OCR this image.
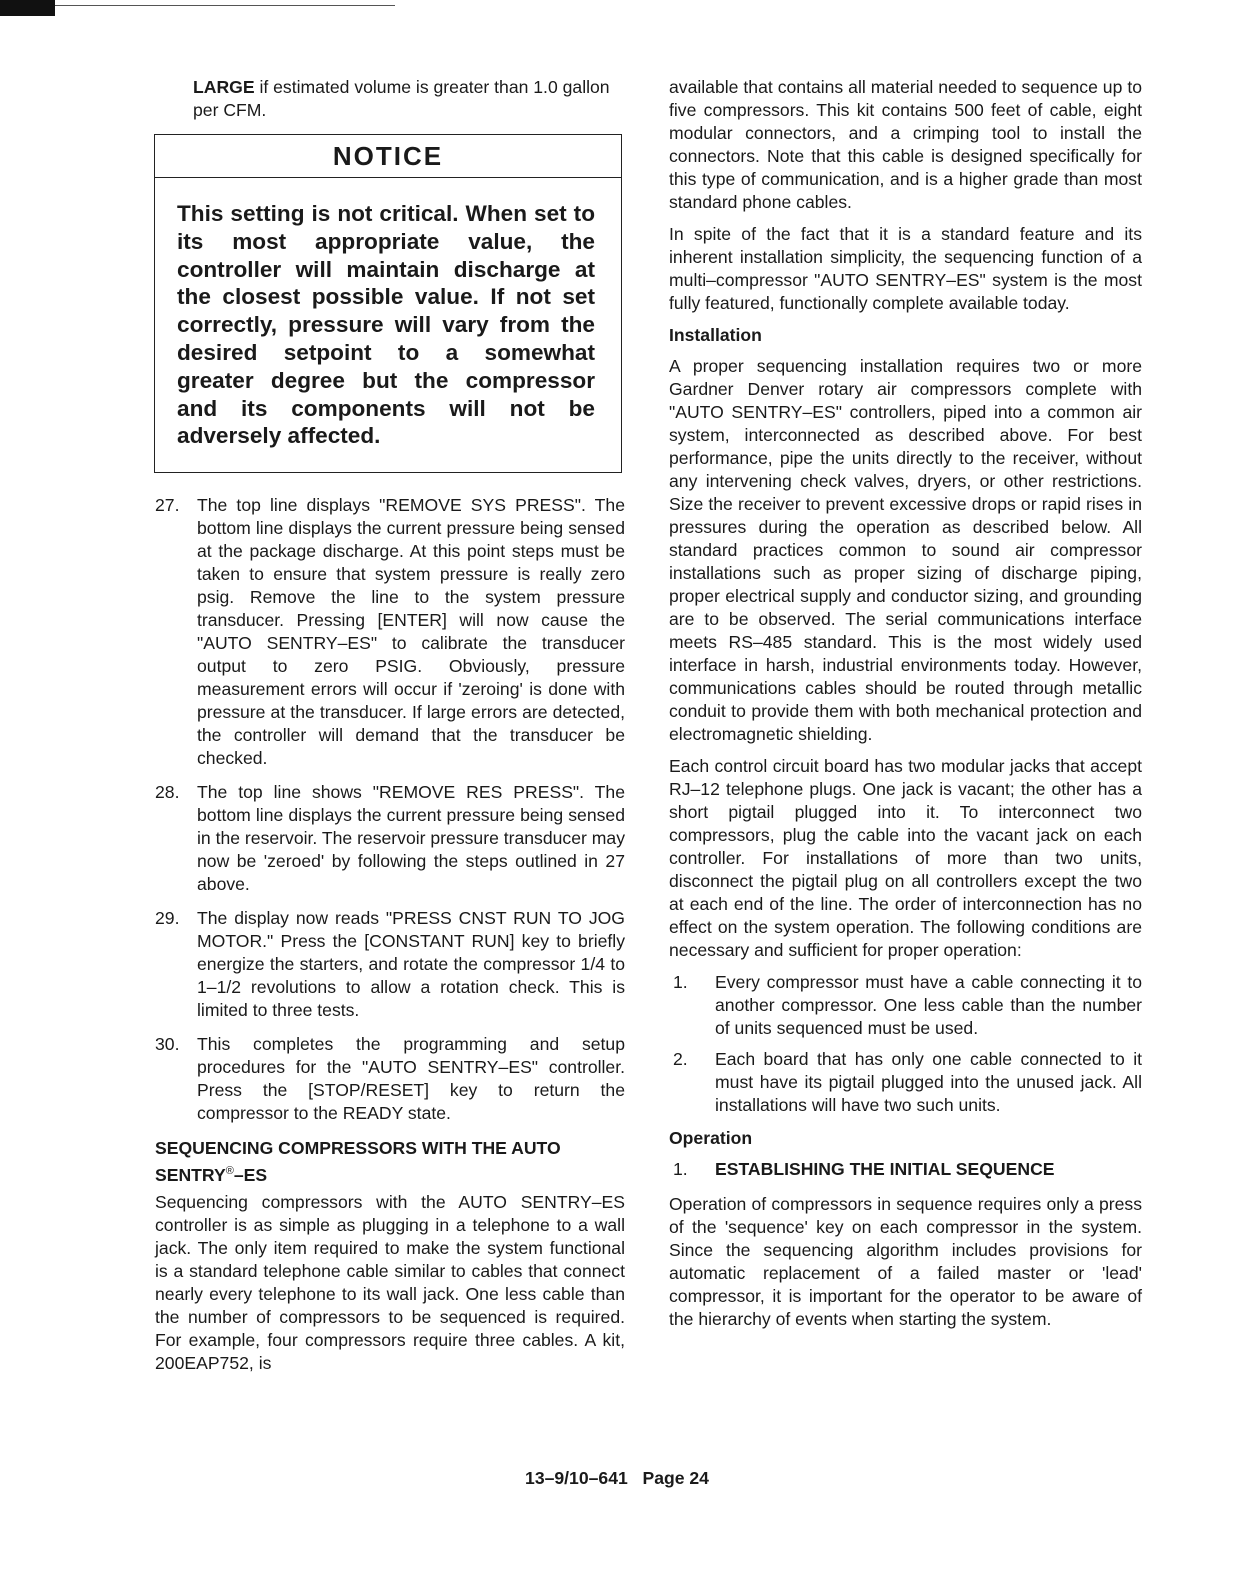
LARGE if estimated volume is greater than 1.0 gallon per CFM.

NOTICE
This setting is not critical. When set to its most appropriate value, the controller will maintain discharge at the closest possible value. If not set correctly, pressure will vary from the desired setpoint to a somewhat greater degree but the compressor and its components will not be adversely affected.
27. The top line displays "REMOVE SYS PRESS". The bottom line displays the current pressure being sensed at the package discharge. At this point steps must be taken to ensure that system pressure is really zero psig. Remove the line to the system pressure transducer. Pressing [ENTER] will now cause the "AUTO SENTRY–ES" to calibrate the transducer output to zero PSIG. Obviously, pressure measurement errors will occur if 'zeroing' is done with pressure at the transducer. If large errors are detected, the controller will demand that the transducer be checked.
28. The top line shows "REMOVE RES PRESS". The bottom line displays the current pressure being sensed in the reservoir. The reservoir pressure transducer may now be 'zeroed' by following the steps outlined in 27 above.
29. The display now reads "PRESS CNST RUN TO JOG MOTOR." Press the [CONSTANT RUN] key to briefly energize the starters, and rotate the compressor 1/4 to 1–1/2 revolutions to allow a rotation check. This is limited to three tests.
30. This completes the programming and setup procedures for the "AUTO SENTRY–ES" controller. Press the [STOP/RESET] key to return the compressor to the READY state.
SEQUENCING COMPRESSORS WITH THE AUTO
SENTRY®–ES

Sequencing compressors with the AUTO SENTRY–ES controller is as simple as plugging in a telephone to a wall jack. The only item required to make the system functional is a standard telephone cable similar to cables that connect nearly every telephone to its wall jack. One less cable than the number of compressors to be sequenced is required. For example, four compressors require three cables. A kit, 200EAP752, is

available that contains all material needed to sequence up to five compressors. This kit contains 500 feet of cable, eight modular connectors, and a crimping tool to install the connectors. Note that this cable is designed specifically for this type of communication, and is a higher grade than most standard phone cables.

In spite of the fact that it is a standard feature and its inherent installation simplicity, the sequencing function of a multi–compressor "AUTO SENTRY–ES" system is the most fully featured, functionally complete available today.

Installation

A proper sequencing installation requires two or more Gardner Denver rotary air compressors complete with "AUTO SENTRY–ES" controllers, piped into a common air system, interconnected as described above. For best performance, pipe the units directly to the receiver, without any intervening check valves, dryers, or other restrictions. Size the receiver to prevent excessive drops or rapid rises in pressures during the operation as described below. All standard practices common to sound air compressor installations such as proper sizing of discharge piping, proper electrical supply and conductor sizing, and grounding are to be observed. The serial communications interface meets RS–485 standard. This is the most widely used interface in harsh, industrial environments today. However, communications cables should be routed through metallic conduit to provide them with both mechanical protection and electromagnetic shielding.

Each control circuit board has two modular jacks that accept RJ–12 telephone plugs. One jack is vacant; the other has a short pigtail plugged into it. To interconnect two compressors, plug the cable into the vacant jack on each controller. For installations of more than two units, disconnect the pigtail plug on all controllers except the two at each end of the line. The order of interconnection has no effect on the system operation. The following conditions are necessary and sufficient for proper operation:

1. Every compressor must have a cable connecting it to another compressor. One less cable than the number of units sequenced must be used.
2. Each board that has only one cable connected to it must have its pigtail plugged into the unused jack. All installations will have two such units.
Operation
1. ESTABLISHING THE INITIAL SEQUENCE

Operation of compressors in sequence requires only a press of the 'sequence' key on each compressor in the system. Since the sequencing algorithm includes provisions for automatic replacement of a failed master or 'lead' compressor, it is important for the operator to be aware of the hierarchy of events when starting the system.

13–9/10–641 Page 24
